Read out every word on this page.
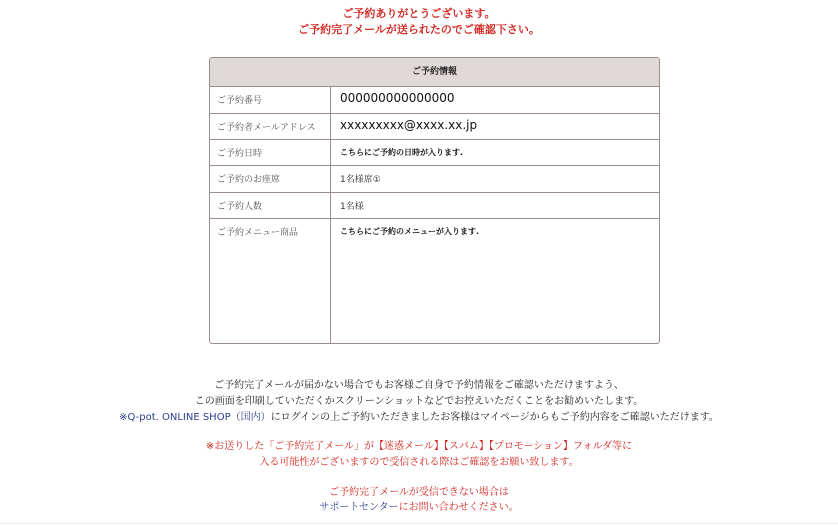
ご予約ありがとうございます。
ご予約完了メールが送られたのでご確認下さい。
ご予約情報
ご予約番号	000000000000000
ご予約者メールアドレス	xxxxxxxxx@xxxx.xx.jp
ご予約日時	こちらにご予約の日時が入ります.
ご予約のお座席	1名様席①
ご予約人数	1名様
ご予約メニュー商品	こちらにご予約のメニューが入ります.
ご予約完了メールが届かない場合でもお客様ご自身で予約情報をご確認いただけますよう、
この画面を印刷していただくかスクリーンショットなどでお控えいただくことをお勧めいたします。
※Q-pot. ONLINE SHOP（国内）にログインの上ご予約いただきましたお客様はマイページからもご予約内容をご確認いただけます。
※お送りした「ご予約完了メール」が【迷惑メール】【スパム】【プロモーション】フォルダ等に
入る可能性がございますので受信される際はご確認をお願い致します。
ご予約完了メールが受信できない場合は
サポートセンターにお問い合わせください。
